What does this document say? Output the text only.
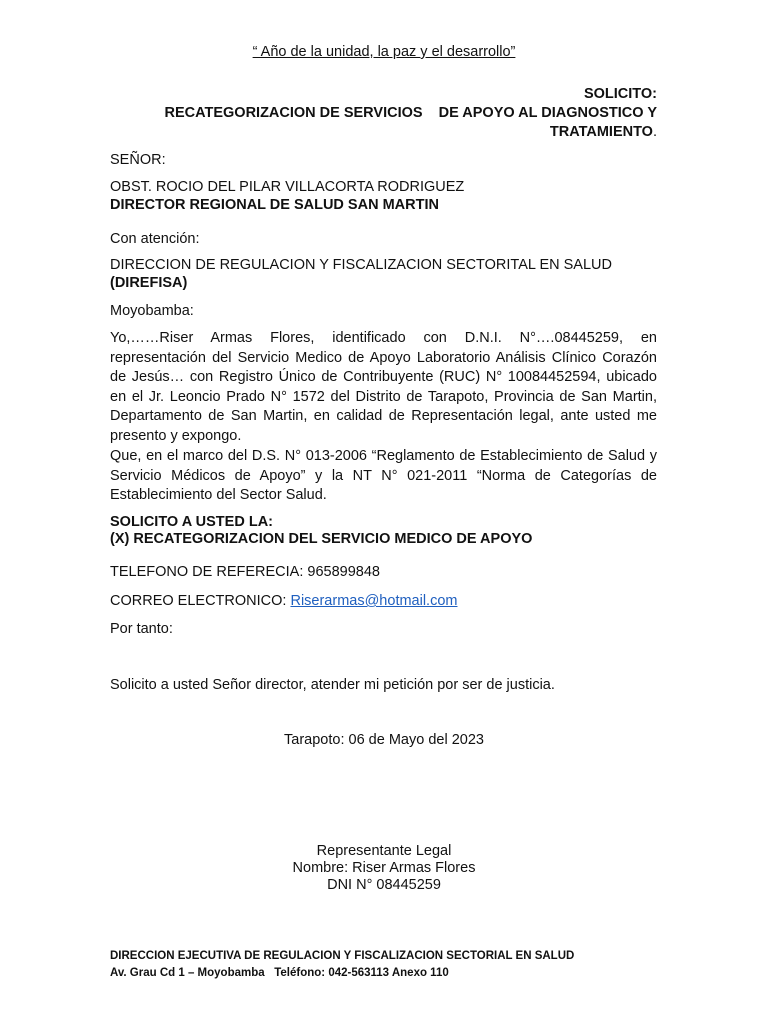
“ Año de la unidad, la paz y el desarrollo”
SOLICITO:
RECATEGORIZACION DE SERVICIOS    DE APOYO AL DIAGNOSTICO Y
TRATAMIENTO.
SEÑOR:
OBST. ROCIO DEL PILAR VILLACORTA RODRIGUEZ
DIRECTOR REGIONAL DE SALUD SAN MARTIN
Con atención:
DIRECCION DE REGULACION Y FISCALIZACION SECTORITAL EN SALUD
(DIREFISA)
Moyobamba:
Yo,……Riser Armas Flores, identificado con D.N.I. N°….08445259, en representación del Servicio Medico de Apoyo Laboratorio Análisis Clínico Corazón de Jesús… con Registro Único de Contribuyente (RUC) N° 10084452594, ubicado en el Jr. Leoncio Prado N° 1572 del Distrito de Tarapoto, Provincia de San Martin, Departamento de San Martin, en calidad de Representación legal, ante usted me presento y expongo.
Que, en el marco del D.S. N° 013-2006 “Reglamento de Establecimiento de Salud y Servicio Médicos de Apoyo” y la NT N° 021-2011 “Norma de Categorías de Establecimiento del Sector Salud.
SOLICITO A USTED LA:
(X) RECATEGORIZACION DEL SERVICIO MEDICO DE APOYO
TELEFONO DE REFERECIA: 965899848
CORREO ELECTRONICO: Riserarmas@hotmail.com
Por tanto:
Solicito a usted Señor director, atender mi petición por ser de justicia.
Tarapoto: 06 de Mayo del 2023
Representante Legal
Nombre: Riser Armas Flores
DNI N° 08445259
DIRECCION EJECUTIVA DE REGULACION Y FISCALIZACION SECTORIAL EN SALUD
Av. Grau Cd 1 – Moyobamba   Teléfono: 042-563113 Anexo 110
